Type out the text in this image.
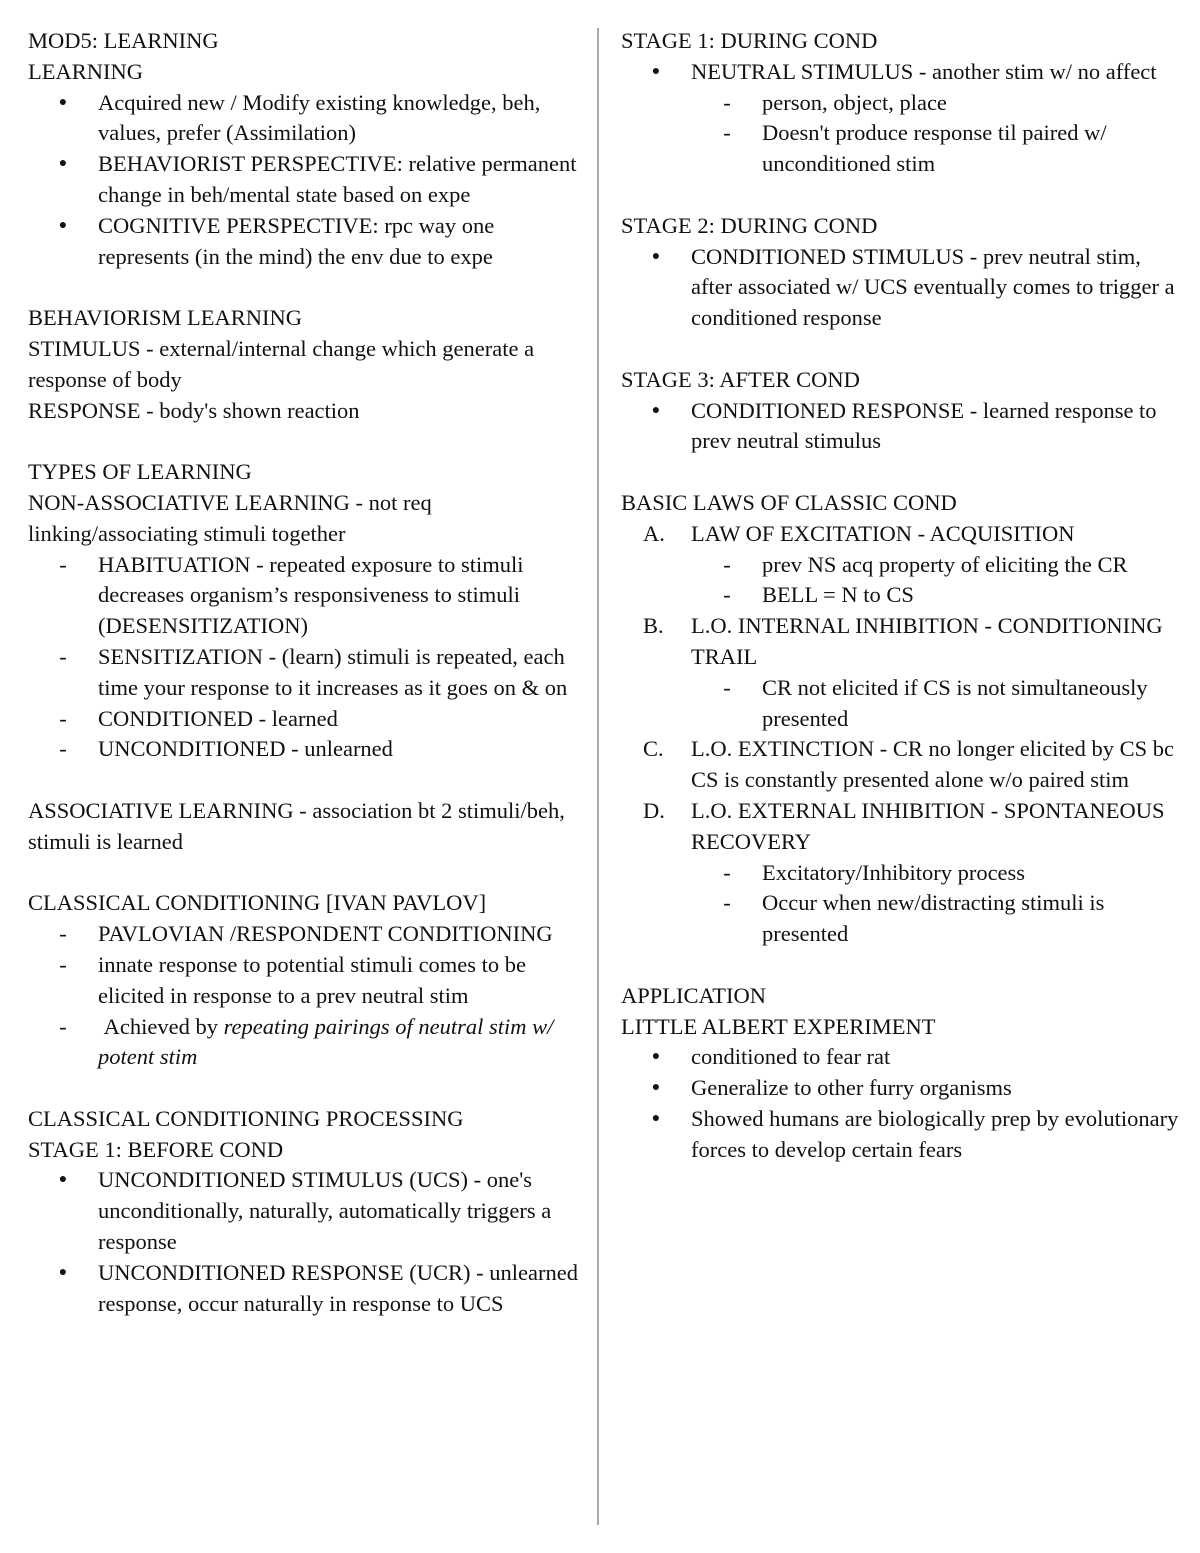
MOD5: LEARNING
LEARNING
●	Acquired new / Modify existing knowledge, beh, values, prefer (Assimilation)
●	BEHAVIORIST PERSPECTIVE: relative permanent change in beh/mental state based on expe
●	COGNITIVE PERSPECTIVE: rpc way one represents (in the mind) the env due to expe
BEHAVIORISM LEARNING
STIMULUS - external/internal change which generate a response of body
RESPONSE - body's shown reaction
TYPES OF LEARNING
NON-ASSOCIATIVE LEARNING - not req linking/associating stimuli together
-	HABITUATION - repeated exposure to stimuli decreases organism’s responsiveness to stimuli (DESENSITIZATION)
-	SENSITIZATION - (learn) stimuli is repeated, each time your response to it increases as it goes on & on
-	CONDITIONED - learned
-	UNCONDITIONED - unlearned
ASSOCIATIVE LEARNING - association bt 2 stimuli/beh, stimuli is learned
CLASSICAL CONDITIONING [IVAN PAVLOV]
-	PAVLOVIAN /RESPONDENT CONDITIONING
-	innate response to potential stimuli comes to be elicited in response to a prev neutral stim
-	Achieved by repeating pairings of neutral stim w/ potent stim
CLASSICAL CONDITIONING PROCESSING
STAGE 1: BEFORE COND
●	UNCONDITIONED STIMULUS (UCS) - one's unconditionally, naturally, automatically triggers a response
●	UNCONDITIONED RESPONSE (UCR) - unlearned response, occur naturally in response to UCS
STAGE 1: DURING COND
●	NEUTRAL STIMULUS - another stim w/ no affect
-	person, object, place
-	Doesn't produce response til paired w/ unconditioned stim
STAGE 2: DURING COND
●	CONDITIONED STIMULUS - prev neutral stim, after associated w/ UCS eventually comes to trigger a conditioned response
STAGE 3: AFTER COND
●	CONDITIONED RESPONSE - learned response to prev neutral stimulus
BASIC LAWS OF CLASSIC COND
A.	LAW OF EXCITATION - ACQUISITION
-	prev NS acq property of eliciting the CR
-	BELL = N to CS
B.	L.O. INTERNAL INHIBITION - CONDITIONING TRAIL
-	CR not elicited if CS is not simultaneously presented
C.	L.O. EXTINCTION - CR no longer elicited by CS bc CS is constantly presented alone w/o paired stim
D.	L.O. EXTERNAL INHIBITION - SPONTANEOUS RECOVERY
-	Excitatory/Inhibitory process
-	Occur when new/distracting stimuli is presented
APPLICATION
LITTLE ALBERT EXPERIMENT
●	conditioned to fear rat
●	Generalize to other furry organisms
●	Showed humans are biologically prep by evolutionary forces to develop certain fears
